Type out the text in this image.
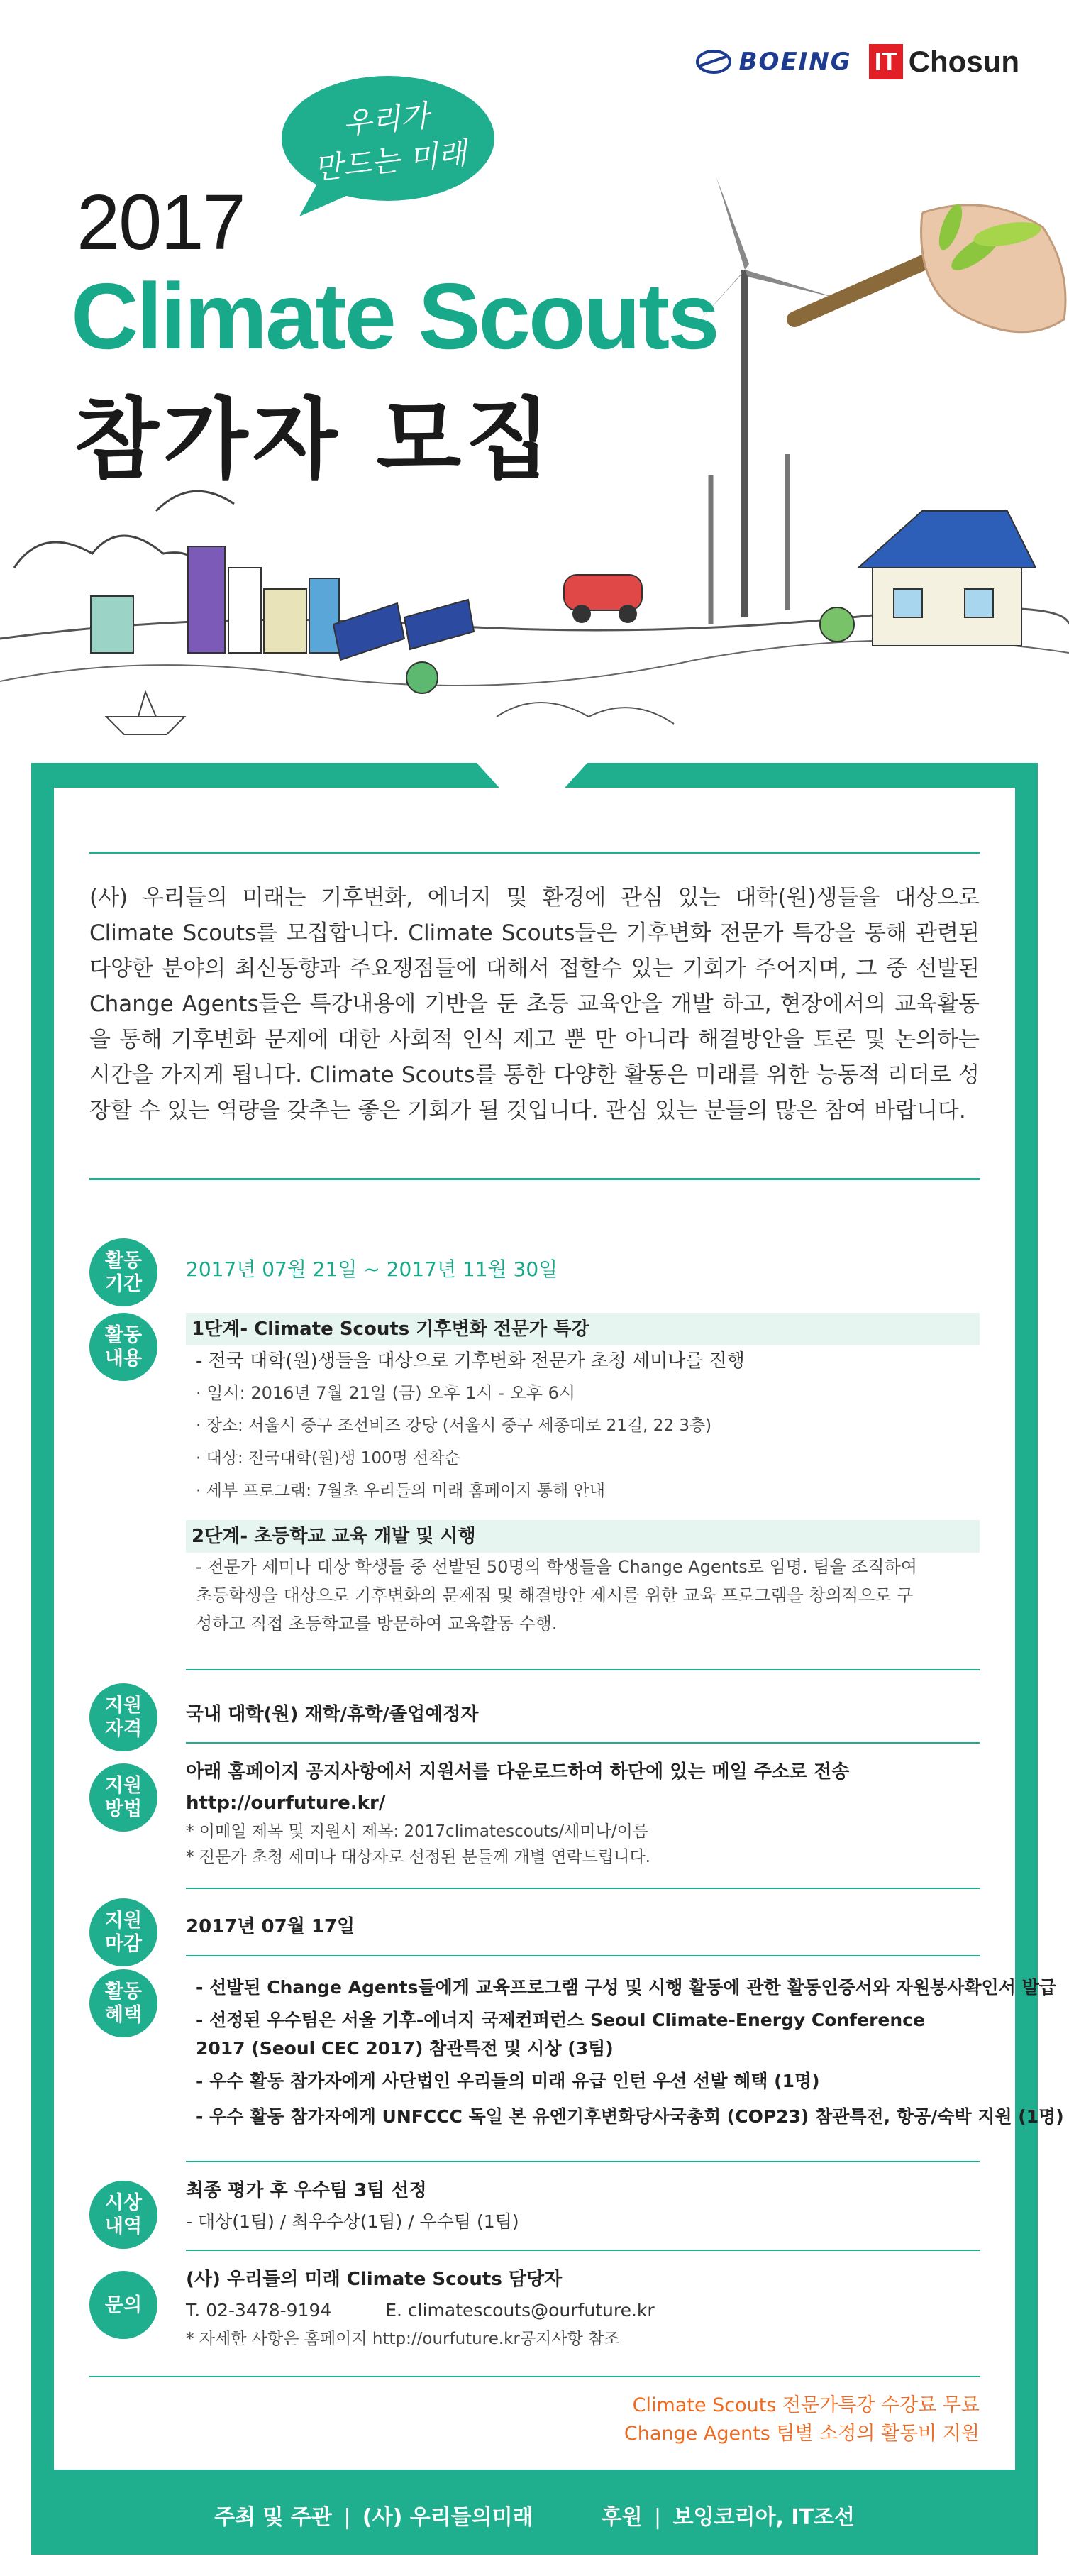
BOEING IT Chosun
우리가
만드는 미래
2017
Climate Scouts
참가자 모집

(사) 우리들의 미래는 기후변화, 에너지 및 환경에 관심 있는 대학(원)생들을 대상으로 Climate Scouts를 모집합니다. Climate Scouts들은 기후변화 전문가 특강을 통해 관련된 다양한 분야의 최신동향과 주요쟁점들에 대해서 접할수 있는 기회가 주어지며, 그 중 선발된 Change Agents들은 특강내용에 기반을 둔 초등 교육안을 개발 하고, 현장에서의 교육활동을 통해 기후변화 문제에 대한 사회적 인식 제고 뿐 만 아니라 해결방안을 토론 및 논의하는 시간을 가지게 됩니다. Climate Scouts를 통한 다양한 활동은 미래를 위한 능동적 리더로 성장할 수 있는 역량을 갖추는 좋은 기회가 될 것입니다. 관심 있는 분들의 많은 참여 바랍니다.

활동
기간
2017년 07월 21일 ~ 2017년 11월 30일
활동
내용
1단계- Climate Scouts 기후변화 전문가 특강
- 전국 대학(원)생들을 대상으로 기후변화 전문가 초청 세미나를 진행
· 일시: 2016년 7월 21일 (금) 오후 1시 - 오후 6시
· 장소: 서울시 중구 조선비즈 강당 (서울시 중구 세종대로 21길, 22 3층)
· 대상: 전국대학(원)생 100명 선착순
· 세부 프로그램: 7월초 우리들의 미래 홈페이지 통해 안내
2단계- 초등학교 교육 개발 및 시행
- 전문가 세미나 대상 학생들 중 선발된 50명의 학생들을 Change Agents로 임명. 팀을 조직하여 초등학생을 대상으로 기후변화의 문제점 및 해결방안 제시를 위한 교육 프로그램을 창의적으로 구성하고 직접 초등학교를 방문하여 교육활동 수행.
지원
자격
국내 대학(원) 재학/휴학/졸업예정자
지원
방법
아래 홈페이지 공지사항에서 지원서를 다운로드하여 하단에 있는 메일 주소로 전송
http://ourfuture.kr/
* 이메일 제목 및 지원서 제목: 2017climatescouts/세미나/이름
* 전문가 초청 세미나 대상자로 선정된 분들께 개별 연락드립니다.
지원
마감
2017년 07월 17일
활동
혜택
- 선발된 Change Agents들에게 교육프로그램 구성 및 시행 활동에 관한 활동인증서와 자원봉사확인서 발급
- 선정된 우수팀은 서울 기후-에너지 국제컨퍼런스 Seoul Climate-Energy Conference 2017 (Seoul CEC 2017) 참관특전 및 시상 (3팀)
- 우수 활동 참가자에게 사단법인 우리들의 미래 유급 인턴 우선 선발 혜택 (1명)
- 우수 활동 참가자에게 UNFCCC 독일 본 유엔기후변화당사국총회 (COP23) 참관특전, 항공/숙박 지원 (1명)
시상
내역
최종 평가 후 우수팀 3팀 선정
- 대상(1팀) / 최우수상(1팀) / 우수팀 (1팀)
문의
(사) 우리들의 미래 Climate Scouts 담당자
T. 02-3478-9194	E. climatescouts@ourfuture.kr
* 자세한 사항은 홈페이지 http://ourfuture.kr공지사항 참조
Climate Scouts 전문가특강 수강료 무료
Change Agents 팀별 소정의 활동비 지원
주최 및 주관 | (사) 우리들의미래	후원 | 보잉코리아, IT조선
